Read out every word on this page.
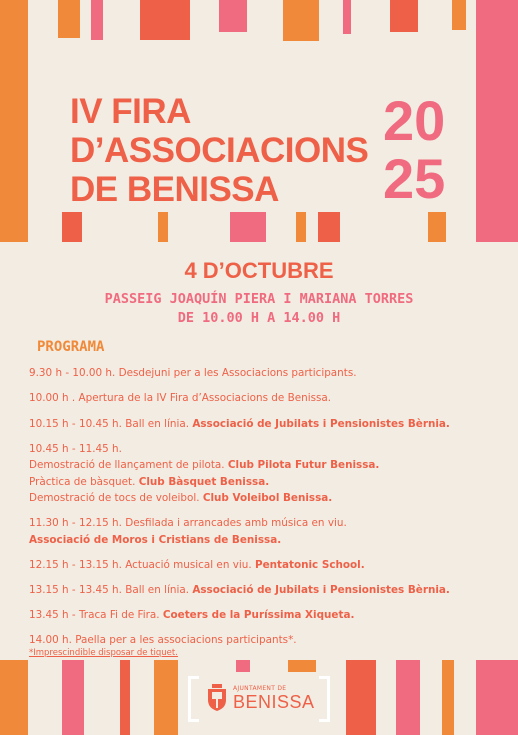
IV FIRA
D’ASSOCIACIONS
DE BENISSA
20
25
4 D’OCTUBRE
PASSEIG JOAQUÍN PIERA I MARIANA TORRES
DE 10.00 H A 14.00 H
PROGRAMA
9.30 h - 10.00 h. Desdejuni per a les Associacions participants.
10.00 h . Apertura de la IV Fira d’Associacions de Benissa.
10.15 h - 10.45 h. Ball en línia. Associació de Jubilats i Pensionistes Bèrnia.
10.45 h - 11.45 h.
Demostració de llançament de pilota. Club Pilota Futur Benissa.
Pràctica de bàsquet. Club Bàsquet Benissa.
Demostració de tocs de voleibol. Club Voleibol Benissa.
11.30 h - 12.15 h. Desfilada i arrancades amb música en viu.
Associació de Moros i Cristians de Benissa.
12.15 h - 13.15 h. Actuació musical en viu. Pentatonic School.
13.15 h - 13.45 h. Ball en línia. Associació de Jubilats i Pensionistes Bèrnia.
13.45 h - Traca Fi de Fira. Coeters de la Puríssima Xiqueta.
14.00 h. Paella per a les associacions participants*.
*Imprescindible disposar de tiquet.
AJUNTAMENT DE
BENISSA
